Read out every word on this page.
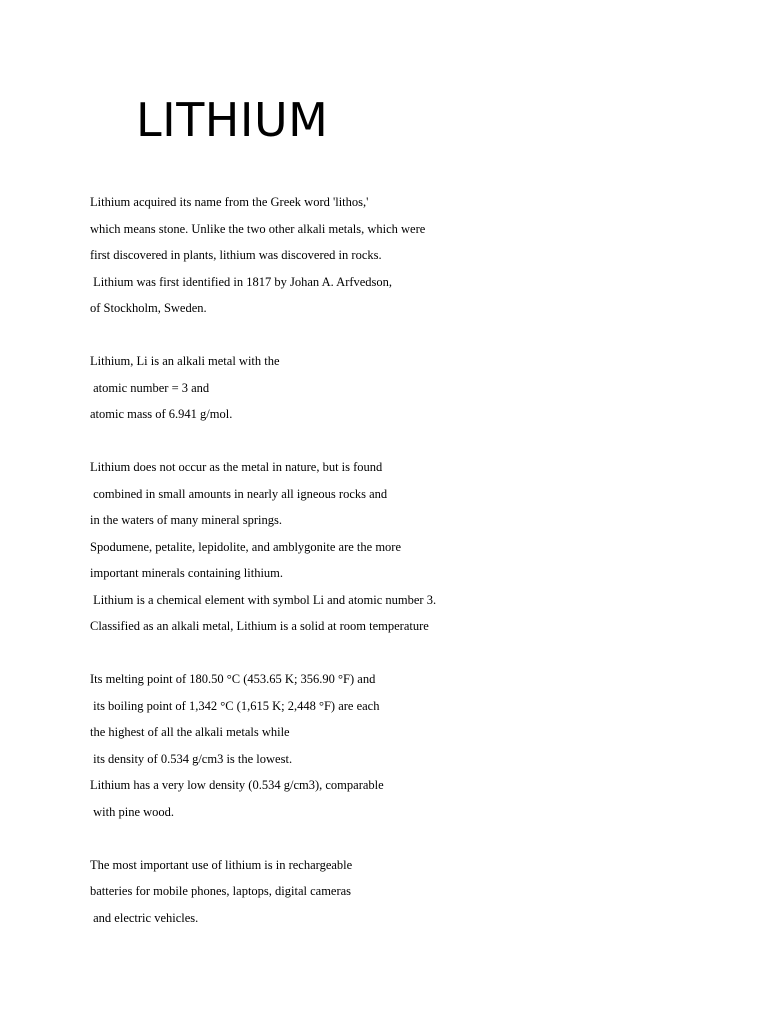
LITHIUM
Lithium acquired its name from the Greek word 'lithos,'
which means stone. Unlike the two other alkali metals, which were
first discovered in plants, lithium was discovered in rocks.
Lithium was first identified in 1817 by Johan A. Arfvedson,
of Stockholm, Sweden.
Lithium, Li is an alkali metal with the
atomic number = 3 and
atomic mass of 6.941 g/mol.
Lithium does not occur as the metal in nature, but is found
combined in small amounts in nearly all igneous rocks and
in the waters of many mineral springs.
Spodumene, petalite, lepidolite, and amblygonite are the more
important minerals containing lithium.
Lithium is a chemical element with symbol Li and atomic number 3.
Classified as an alkali metal, Lithium is a solid at room temperature
Its melting point of 180.50 °C (453.65 K; 356.90 °F) and
its boiling point of 1,342 °C (1,615 K; 2,448 °F) are each
the highest of all the alkali metals while
its density of 0.534 g/cm3 is the lowest.
Lithium has a very low density (0.534 g/cm3), comparable
with pine wood.
The most important use of lithium is in rechargeable
batteries for mobile phones, laptops, digital cameras
and electric vehicles.
